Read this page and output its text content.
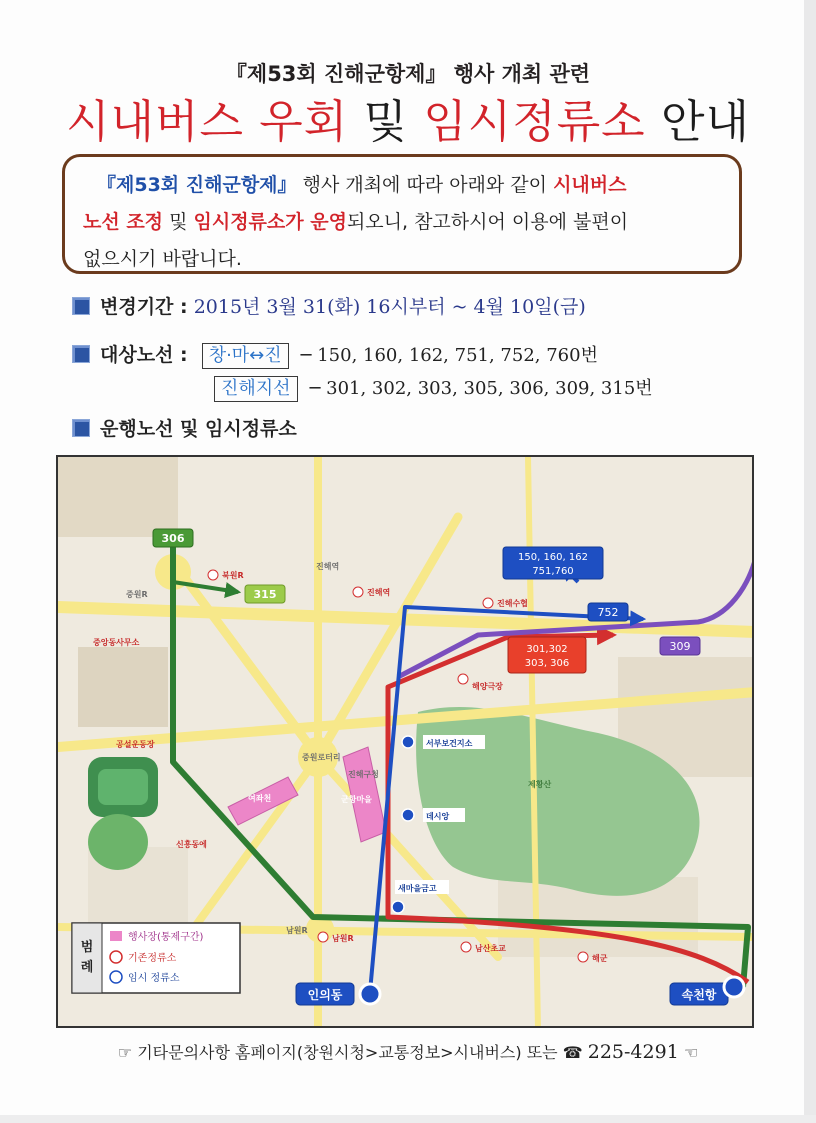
『제53회 진해군항제』 행사 개최 관련
시내버스 우회 및 임시정류소 안내
『제53회 진해군항제』 행사 개최에 따라 아래와 같이 시내버스
노선 조정 및 임시정류소가 운영되오니, 참고하시어 이용에 불편이
없으시기 바랍니다.
변경기간 : 2015년 3월 31(화) 16시부터 ~ 4월 10일(금)
대상노선 : 창·마↔진 ─ 150, 160, 162, 751, 752, 760번
진해지선 ─ 301, 302, 303, 305, 306, 309, 315번
운행노선 및 임시정류소
306
315
150, 160, 162
751,760
752
309
301,302
303, 306
북원R
진해역
진해수협
중앙동사무소
해양극장
공설운동장	서부보건지소
데시앙
신흥동에
새마을금고
남원R
남산초교
해군
진해역
중원R
남원R
제황산
여좌천	군항마을
중원로터리
진해구청
인의동	속천항
범
례
행사장(통제구간)
기존정류소
임시 정류소
☞ 기타문의사항 홈페이지(창원시청>교통정보>시내버스) 또는 ☎ 225-4291 ☜
